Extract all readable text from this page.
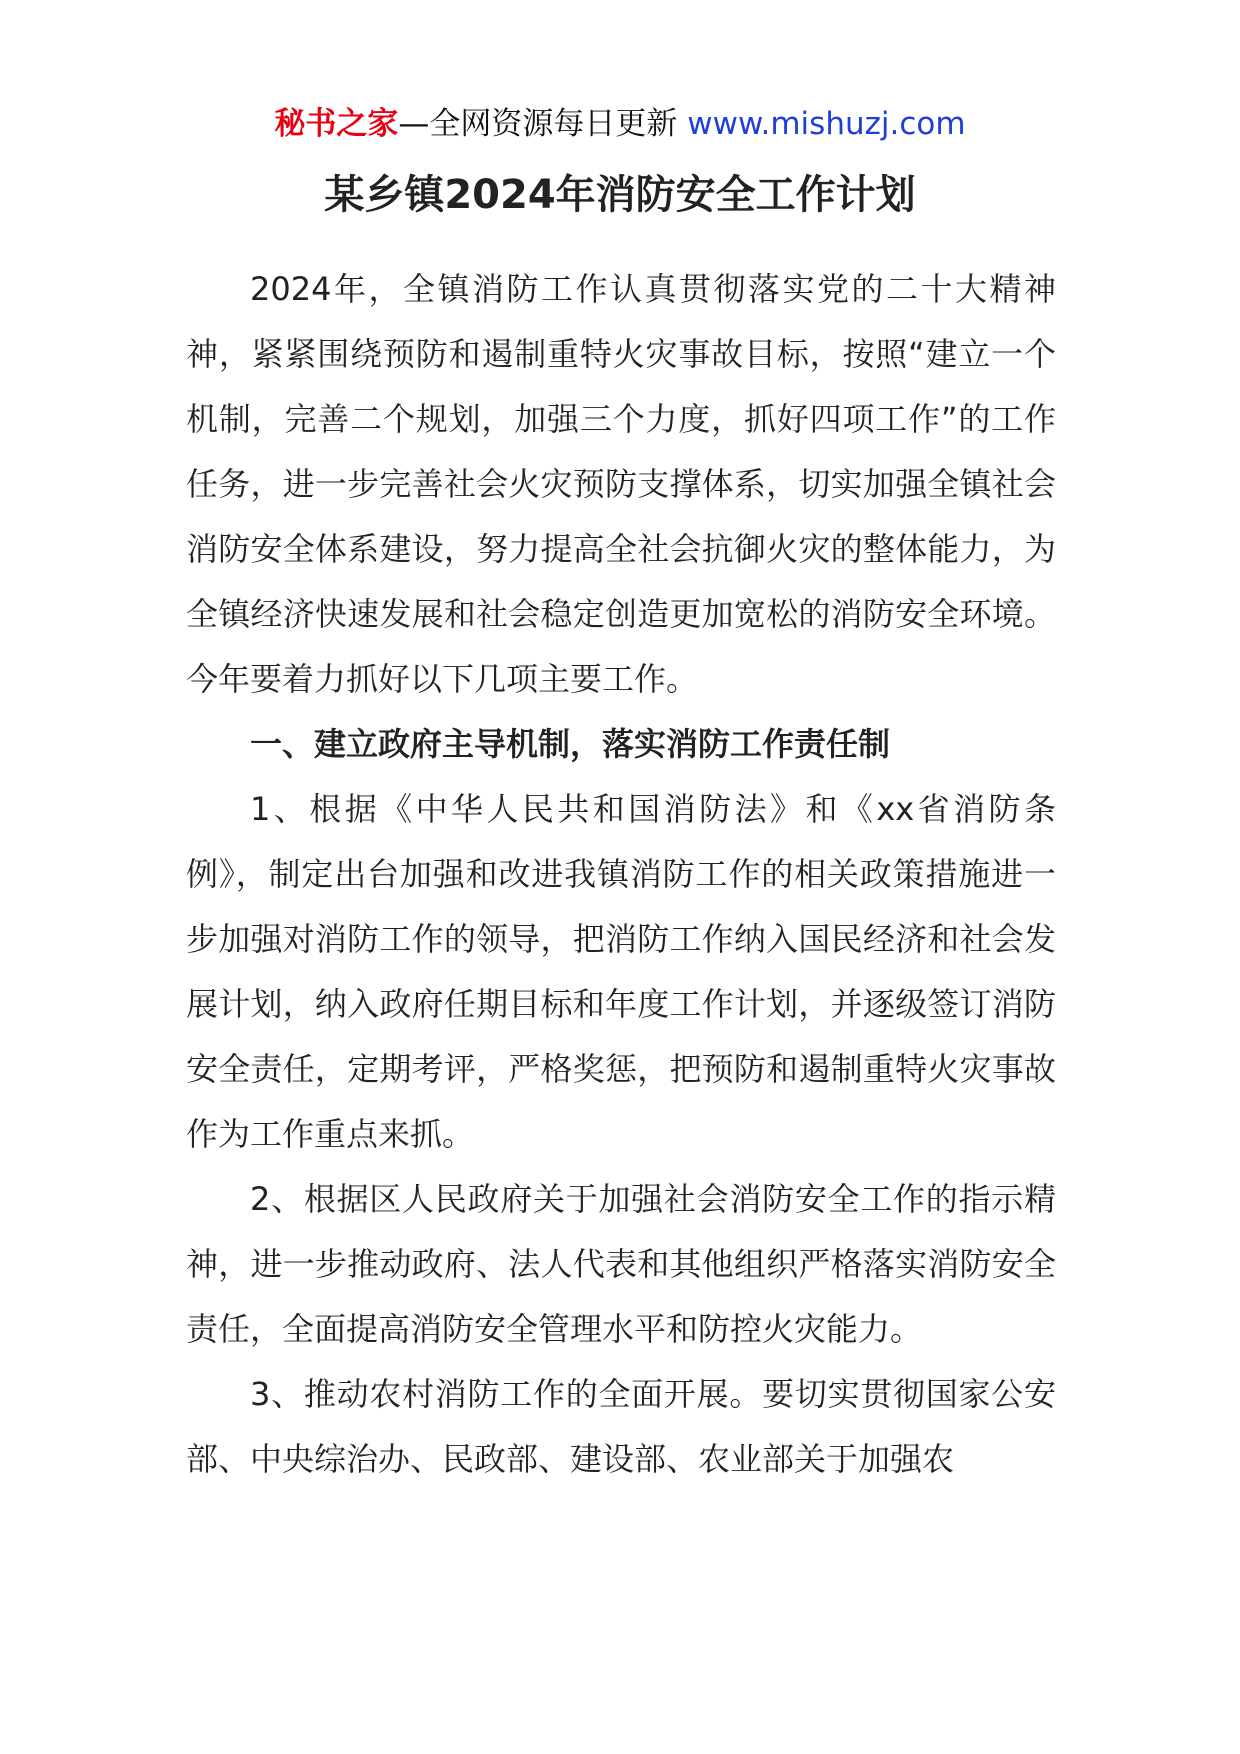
秘书之家—全网资源每日更新 www.mishuzj.com
某乡镇2024年消防安全工作计划

2024年，全镇消防工作认真贯彻落实党的二十大精神神，紧紧围绕预防和遏制重特火灾事故目标，按照“建立一个机制，完善二个规划，加强三个力度，抓好四项工作”的工作任务，进一步完善社会火灾预防支撑体系，切实加强全镇社会消防安全体系建设，努力提高全社会抗御火灾的整体能力，为全镇经济快速发展和社会稳定创造更加宽松的消防安全环境。今年要着力抓好以下几项主要工作。

一、建立政府主导机制，落实消防工作责任制

1、根据《中华人民共和国消防法》和《xx省消防条例》，制定出台加强和改进我镇消防工作的相关政策措施进一步加强对消防工作的领导，把消防工作纳入国民经济和社会发展计划，纳入政府任期目标和年度工作计划，并逐级签订消防安全责任，定期考评，严格奖惩，把预防和遏制重特火灾事故作为工作重点来抓。

2、根据区人民政府关于加强社会消防安全工作的指示精神，进一步推动政府、法人代表和其他组织严格落实消防安全责任，全面提高消防安全管理水平和防控火灾能力。

3、推动农村消防工作的全面开展。要切实贯彻国家公安部、中央综治办、民政部、建设部、农业部关于加强农
